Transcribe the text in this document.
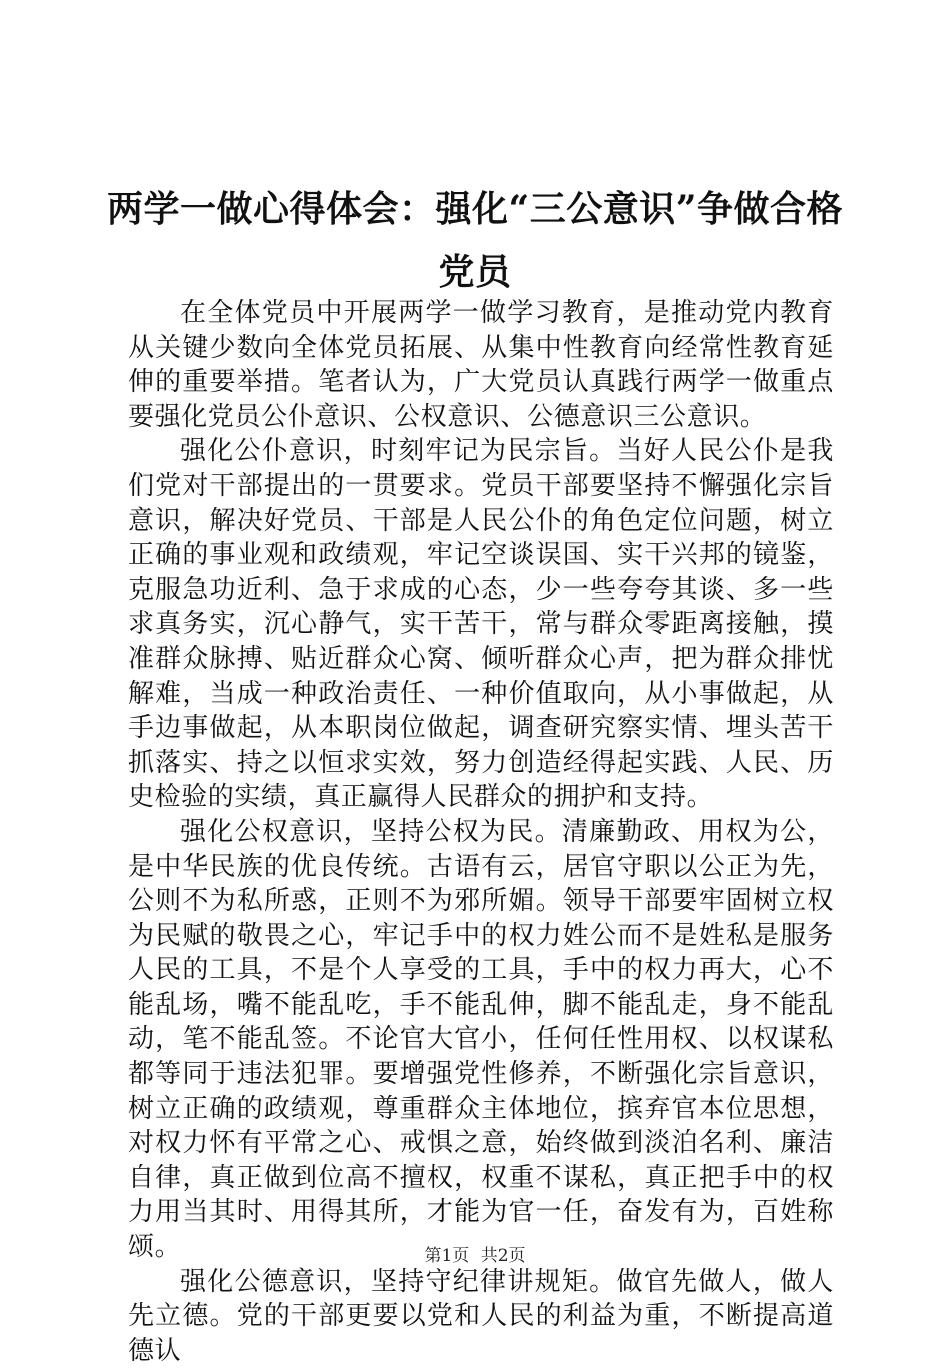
两学一做心得体会：强化“三公意识”争做合格党员

在全体党员中开展两学一做学习教育，是推动党内教育从关键少数向全体党员拓展、从集中性教育向经常性教育延伸的重要举措。笔者认为，广大党员认真践行两学一做重点要强化党员公仆意识、公权意识、公德意识三公意识。

强化公仆意识，时刻牢记为民宗旨。当好人民公仆是我们党对干部提出的一贯要求。党员干部要坚持不懈强化宗旨意识，解决好党员、干部是人民公仆的角色定位问题，树立正确的事业观和政绩观，牢记空谈误国、实干兴邦的镜鉴，克服急功近利、急于求成的心态，少一些夸夸其谈、多一些求真务实，沉心静气，实干苦干，常与群众零距离接触，摸准群众脉搏、贴近群众心窝、倾听群众心声，把为群众排忧解难，当成一种政治责任、一种价值取向，从小事做起，从手边事做起，从本职岗位做起，调查研究察实情、埋头苦干抓落实、持之以恒求实效，努力创造经得起实践、人民、历史检验的实绩，真正赢得人民群众的拥护和支持。

强化公权意识，坚持公权为民。清廉勤政、用权为公，是中华民族的优良传统。古语有云，居官守职以公正为先，公则不为私所惑，正则不为邪所媚。领导干部要牢固树立权为民赋的敬畏之心，牢记手中的权力姓公而不是姓私是服务人民的工具，不是个人享受的工具，手中的权力再大，心不能乱场，嘴不能乱吃，手不能乱伸，脚不能乱走，身不能乱动，笔不能乱签。不论官大官小，任何任性用权、以权谋私都等同于违法犯罪。要增强党性修养，不断强化宗旨意识，树立正确的政绩观，尊重群众主体地位，摈弃官本位思想，对权力怀有平常之心、戒惧之意，始终做到淡泊名利、廉洁自律，真正做到位高不擅权，权重不谋私，真正把手中的权力用当其时、用得其所，才能为官一任，奋发有为，百姓称颂。

强化公德意识，坚持守纪律讲规矩。做官先做人，做人先立德。党的干部更要以党和人民的利益为重，不断提高道德认

第1页 共2页
